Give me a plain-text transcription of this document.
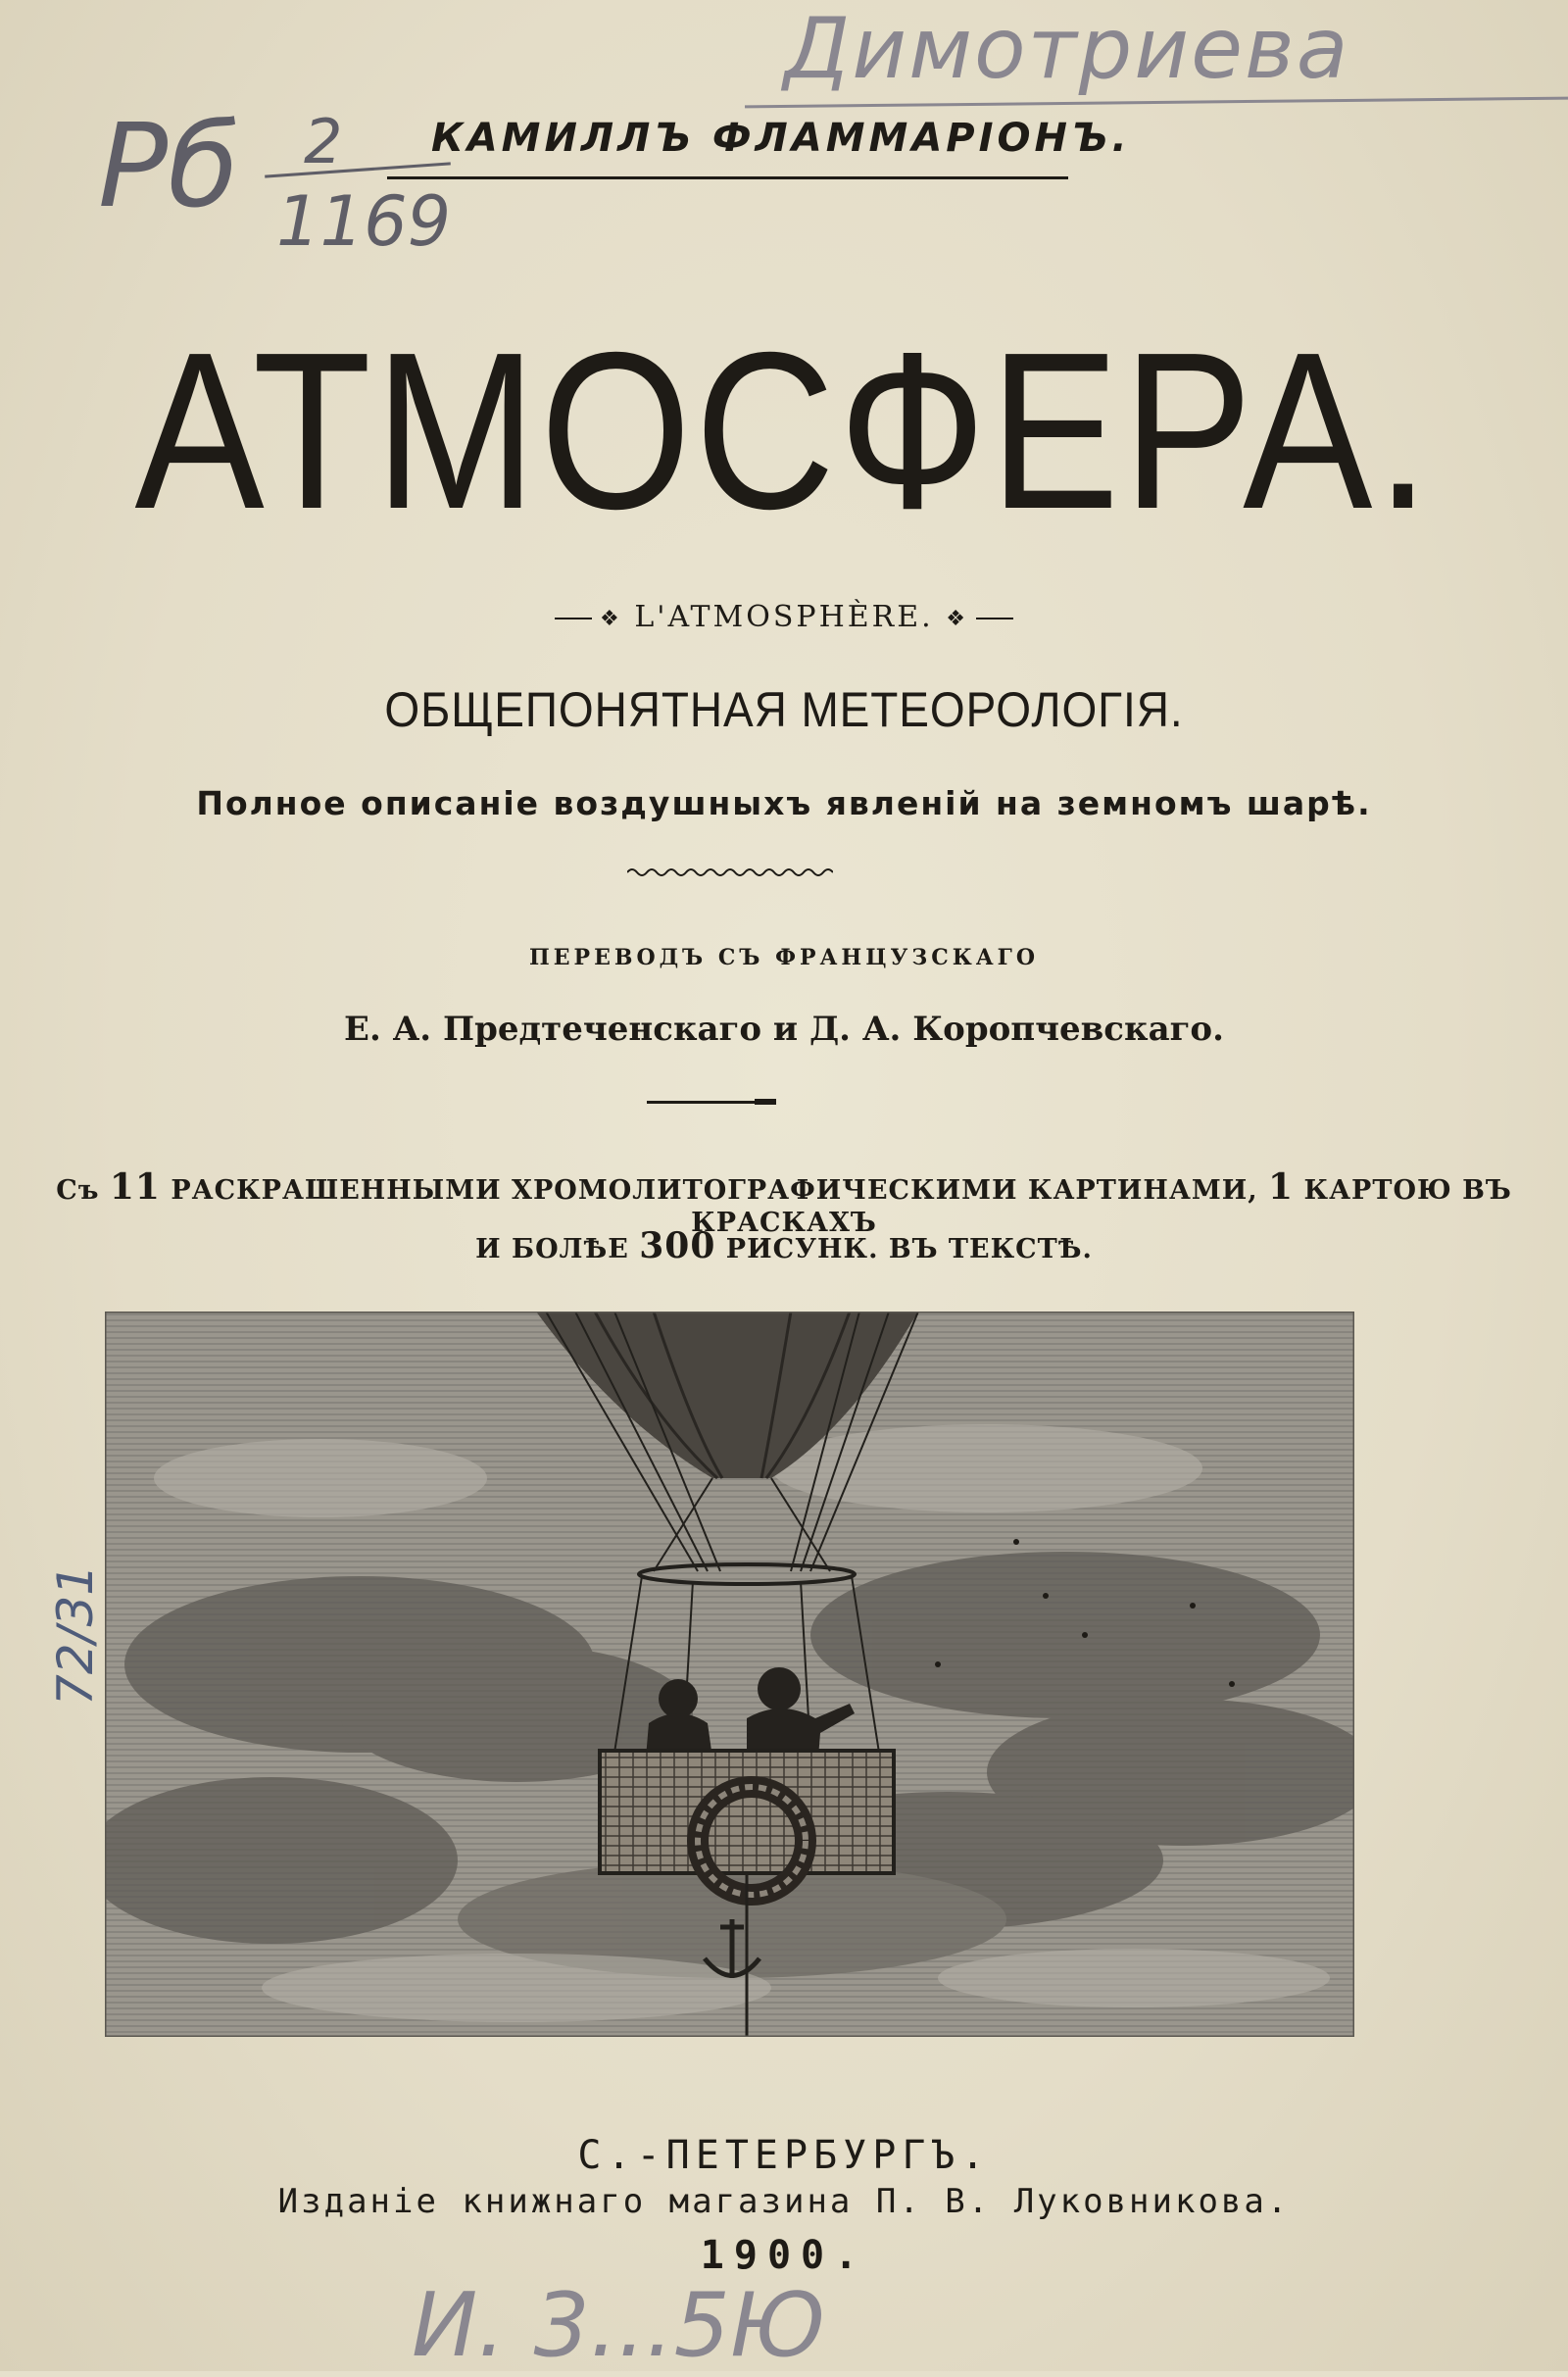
Димотриева
Рб 2
1169
72/31
И. 3...5Ю
КАМИЛЛЪ ФЛАММАРІОНЪ.
АТМОСФЕРА.
❖ L'ATMOSPHÈRE. ❖
ОБЩЕПОНЯТНАЯ МЕТЕОРОЛОГІЯ.
Полное описаніе воздушныхъ явленій на земномъ шарѣ.
ПЕРЕВОДЪ СЪ ФРАНЦУЗСКАГО
Е. А. Предтеченскаго и Д. А. Коропчевскаго.
Съ 11 РАСКРАШЕННЫМИ ХРОМОЛИТОГРАФИЧЕСКИМИ КАРТИНАМИ, 1 КАРТОЮ ВЪ КРАСКАХЪ
И БОЛѢЕ 300 РИСУНК. ВЪ ТЕКСТѢ.
С.-ПЕТЕРБУРГЪ.
Изданіе книжнаго магазина П. В. Луковникова.
1900.
